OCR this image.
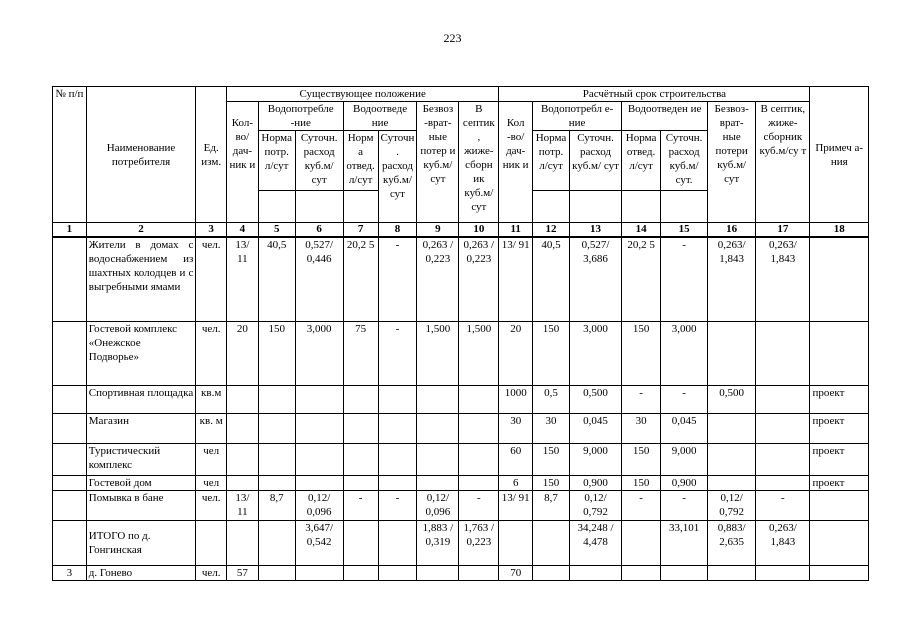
223
№ п/п	Наименование потребителя	Ед. изм.	Существующее положение							Расчётный срок строительства							Примеч а-ния
			Кол- во/ дач- ник и	Водопотребле -ние		Водоотведе ние		Безвоз -врат- ные потер и куб.м/ сут	В септик , жиже- сборн ик куб.м/ сут	Кол -во/ дач- ник и	Водопотребл е-ние		Водоотведен ие		Безвоз- врат- ные потери куб.м/ сут	В септик, жиже- сборник куб.м/су т	
				Норма потр. л/сут	Суточн. расход куб.м/ сут	Норма отвед. л/сут	Суточн . расход куб.м/ сут				Норма потр. л/сут	Суточн. расход куб.м/ сут	Норма отвед. л/сут	Суточн. расход куб.м/ сут.			

1	2	3	4	5	6	7	8	9	10	11	12	13	14	15	16	17	18
	Жители в домах с водоснабжением из шахтных колодцев и с выгребными ямами	чел.	13/ 11	40,5	0,527/ 0,446	20,2 5	-	0,263 / 0,223	0,263 / 0,223	13/ 91	40,5	0,527/ 3,686	20,2 5	-	0,263/ 1,843	0,263/ 1,843	
	Гостевой комплекс «Онежское Подворье»	чел.	20	150	3,000	75	-	1,500	1,500	20	150	3,000	150	3,000			
	Спортивная площадка	кв.м								1000	0,5	0,500	-	-	0,500		проект
	Магазин	кв. м								30	30	0,045	30	0,045			проект
	Туристический комплекс	чел								60	150	9,000	150	9,000			проект
	Гостевой дом	чел								6	150	0,900	150	0,900			проект
	Помывка в бане	чел.	13/ 11	8,7	0,12/ 0,096	-	-	0,12/ 0,096	-	13/ 91	8,7	0,12/ 0,792	-	-	0,12/ 0,792	-	
	ИТОГО по д. Гонгинская				3,647/ 0,542			1,883 / 0,319	1,763 / 0,223			34,248 / 4,478		33,101	0,883/ 2,635	0,263/ 1,843	
3	д. Гонево	чел.	57							70							
